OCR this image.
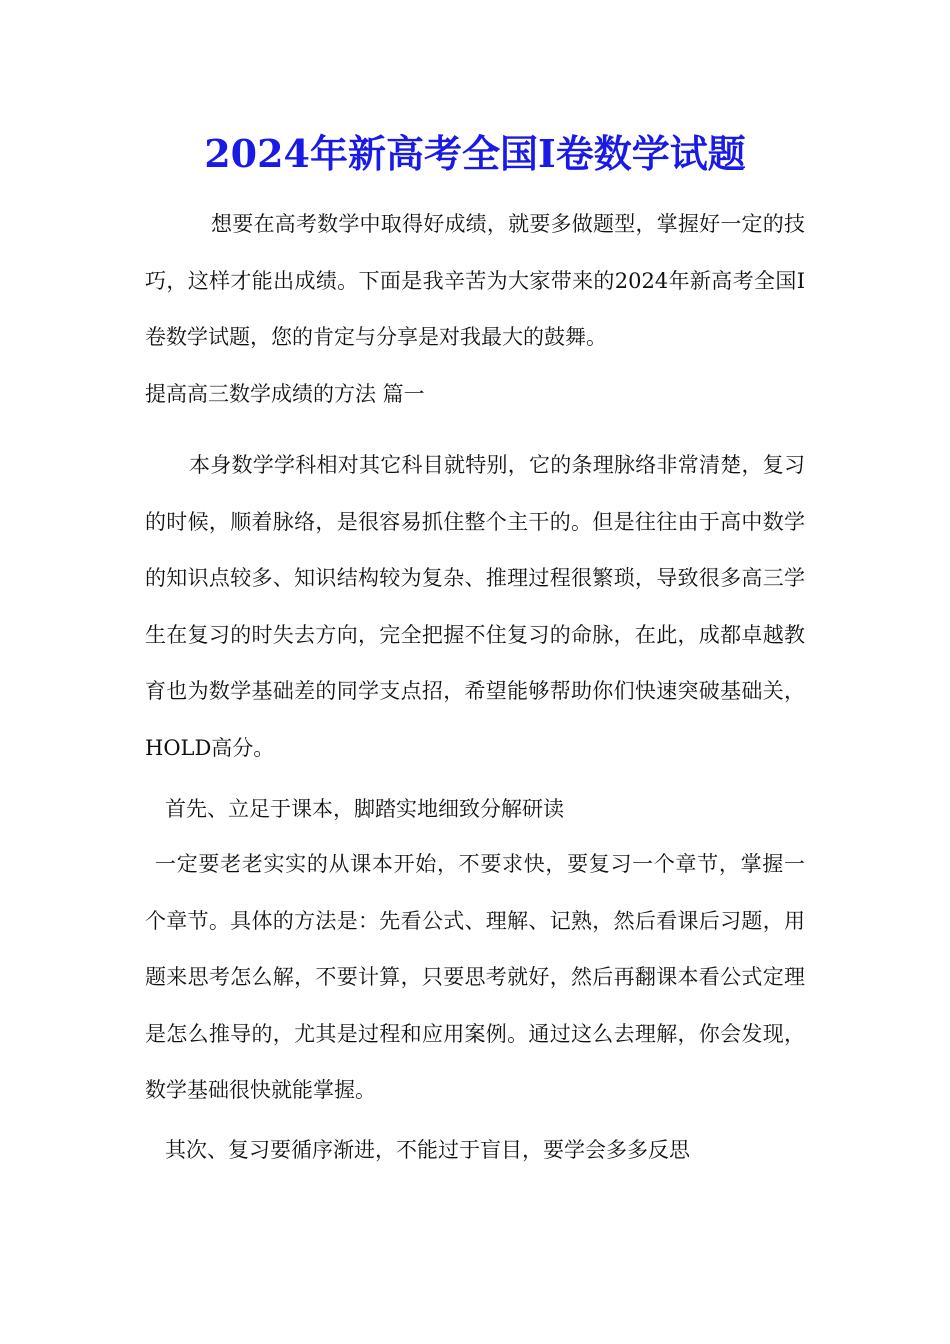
2024年新高考全国Ⅰ卷数学试题

想要在高考数学中取得好成绩，就要多做题型，掌握好一定的技巧，这样才能出成绩。下面是我辛苦为大家带来的2024年新高考全国Ⅰ卷数学试题，您的肯定与分享是对我最大的鼓舞。

提高高三数学成绩的方法 篇一

本身数学学科相对其它科目就特别，它的条理脉络非常清楚，复习的时候，顺着脉络，是很容易抓住整个主干的。但是往往由于高中数学的知识点较多、知识结构较为复杂、推理过程很繁琐，导致很多高三学生在复习的时失去方向，完全把握不住复习的命脉，在此，成都卓越教育也为数学基础差的同学支点招，希望能够帮助你们快速突破基础关，HOLD高分。

首先、立足于课本，脚踏实地细致分解研读

一定要老老实实的从课本开始，不要求快，要复习一个章节，掌握一个章节。具体的方法是：先看公式、理解、记熟，然后看课后习题，用题来思考怎么解，不要计算，只要思考就好，然后再翻课本看公式定理是怎么推导的，尤其是过程和应用案例。通过这么去理解，你会发现，数学基础很快就能掌握。

其次、复习要循序渐进，不能过于盲目，要学会多多反思
